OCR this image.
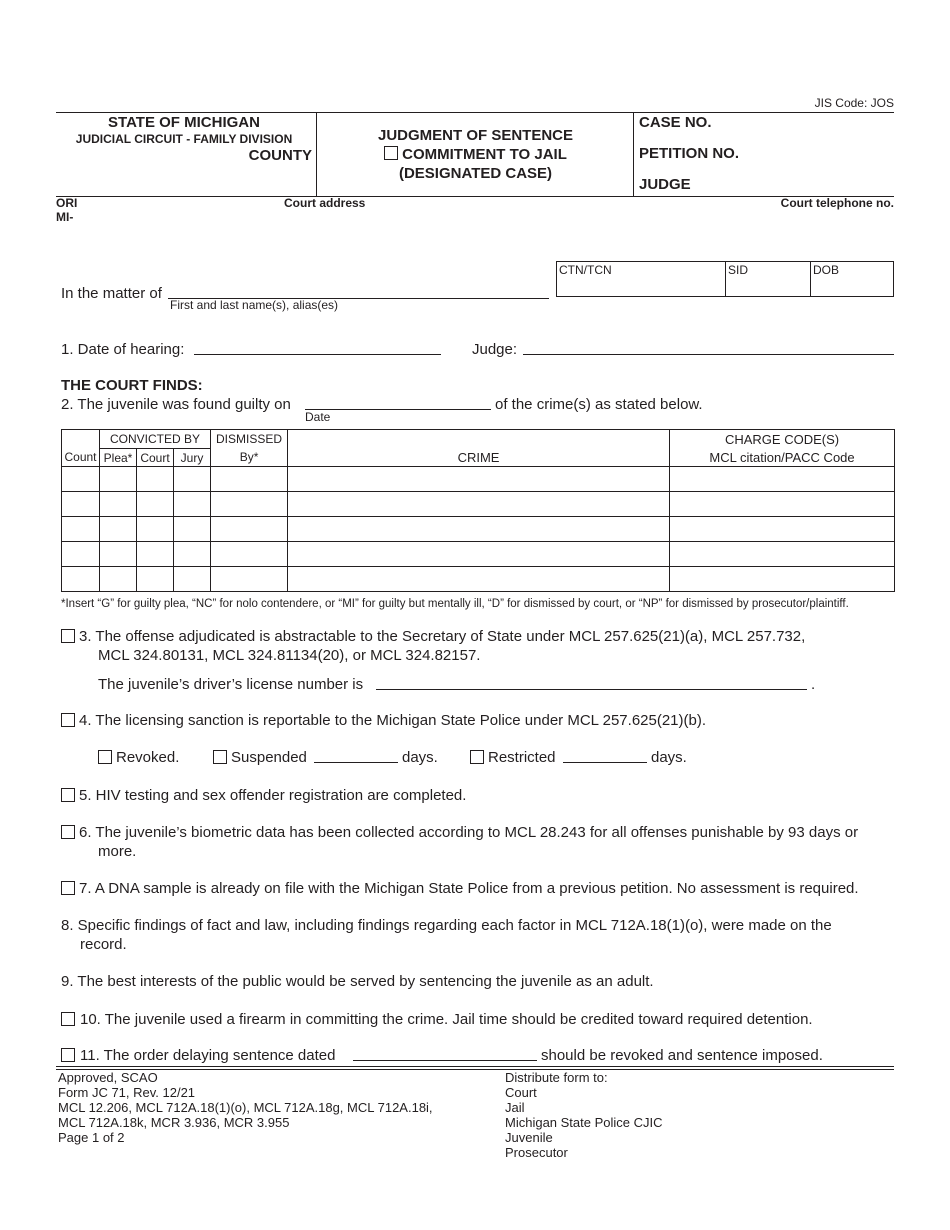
JIS Code: JOS
STATE OF MICHIGAN
JUDICIAL CIRCUIT - FAMILY DIVISION
COUNTY
JUDGMENT OF SENTENCE
COMMITMENT TO JAIL
(DESIGNATED CASE)
CASE NO.
PETITION NO.
JUDGE
ORI
MI-
Court address	Court telephone no.
In the matter of
First and last name(s), alias(es)
CTN/TCN	SID	DOB
1. Date of hearing:	Judge:
THE COURT FINDS:
2. The juvenile was found guilty on	of the crime(s) as stated below.
Date
	CONVICTED BY			DISMISSED		CHARGE CODE(S)
Count	Plea*	Court	Jury	By*	CRIME	MCL citation/PACC Code

*Insert “G” for guilty plea, “NC” for nolo contendere, or “MI” for guilty but mentally ill, “D” for dismissed by court, or “NP” for dismissed by prosecutor/plaintiff.
3. The offense adjudicated is abstractable to the Secretary of State under MCL 257.625(21)(a), MCL 257.732,
MCL 324.80131, MCL 324.81134(20), or MCL 324.82157.
The juvenile’s driver’s license number is	.
4. The licensing sanction is reportable to the Michigan State Police under MCL 257.625(21)(b).
Revoked.	Suspended	days.	Restricted	days.
5. HIV testing and sex offender registration are completed.
6. The juvenile’s biometric data has been collected according to MCL 28.243 for all offenses punishable by 93 days or
more.
7. A DNA sample is already on file with the Michigan State Police from a previous petition. No assessment is required.
8. Specific findings of fact and law, including findings regarding each factor in MCL 712A.18(1)(o), were made on the
record.
9. The best interests of the public would be served by sentencing the juvenile as an adult.
10. The juvenile used a firearm in committing the crime. Jail time should be credited toward required detention.
11. The order delaying sentence dated	should be revoked and sentence imposed.
Approved, SCAO
Form JC 71, Rev. 12/21
MCL 12.206, MCL 712A.18(1)(o), MCL 712A.18g, MCL 712A.18i,
MCL 712A.18k, MCR 3.936, MCR 3.955
Page 1 of 2
Distribute form to:
Court
Jail
Michigan State Police CJIC
Juvenile
Prosecutor
